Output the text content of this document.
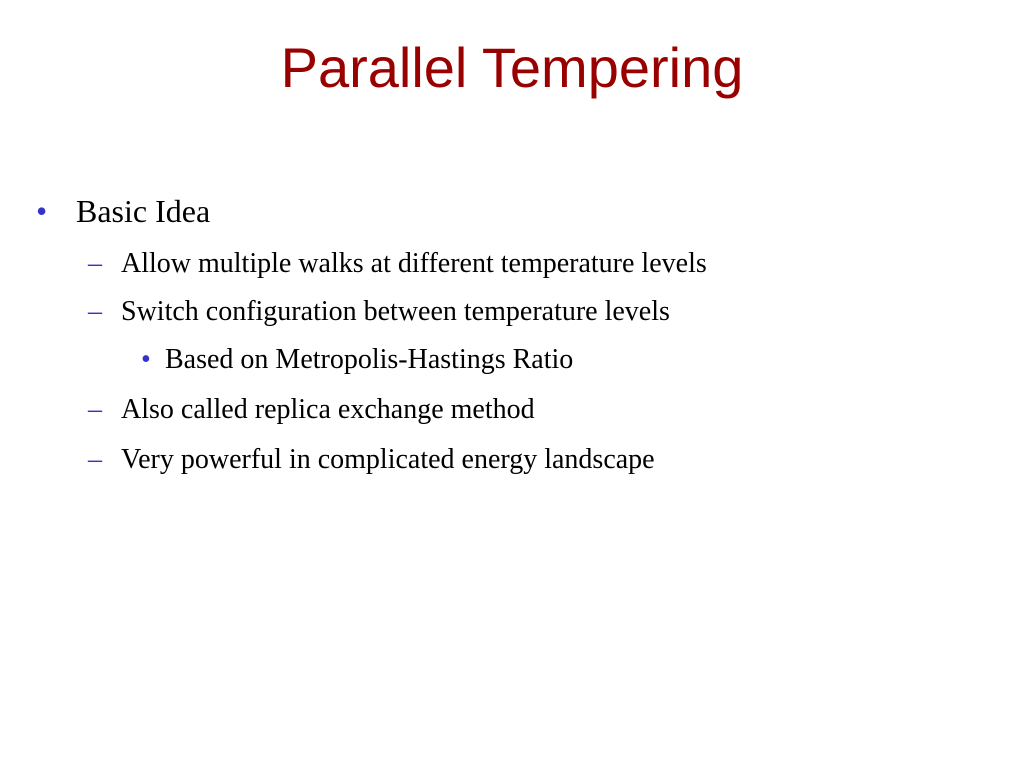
Parallel Tempering
• Basic Idea
– Allow multiple walks at different temperature levels
– Switch configuration between temperature levels
• Based on Metropolis-Hastings Ratio
– Also called replica exchange method
– Very powerful in complicated energy landscape
